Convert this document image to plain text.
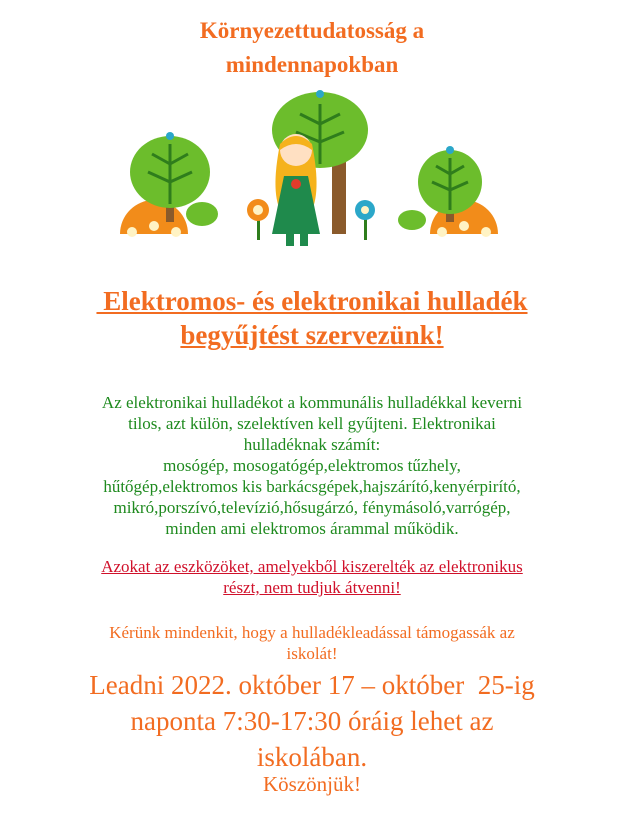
Környezettudatosság a
mindennapokban
Elektromos- és elektronikai hulladék
begyűjtést szervezünk!
Az elektronikai hulladékot a kommunális hulladékkal keverni
tilos, azt külön, szelektíven kell gyűjteni. Elektronikai
hulladéknak számít:
mosógép, mosogatógép,elektromos tűzhely,
hűtőgép,elektromos kis barkácsgépek,hajszárító,kenyérpirító,
mikró,porszívó,televízió,hősugárzó, fénymásoló,varrógép,
minden ami elektromos árammal működik.
Azokat az eszközöket, amelyekből kiszerelték az elektronikus
részt, nem tudjuk átvenni!
Kérünk mindenkit, hogy a hulladékleadással támogassák az
iskolát!
Leadni 2022. október 17 – október  25-ig
naponta 7:30-17:30 óráig lehet az
iskolában.
Köszönjük!
